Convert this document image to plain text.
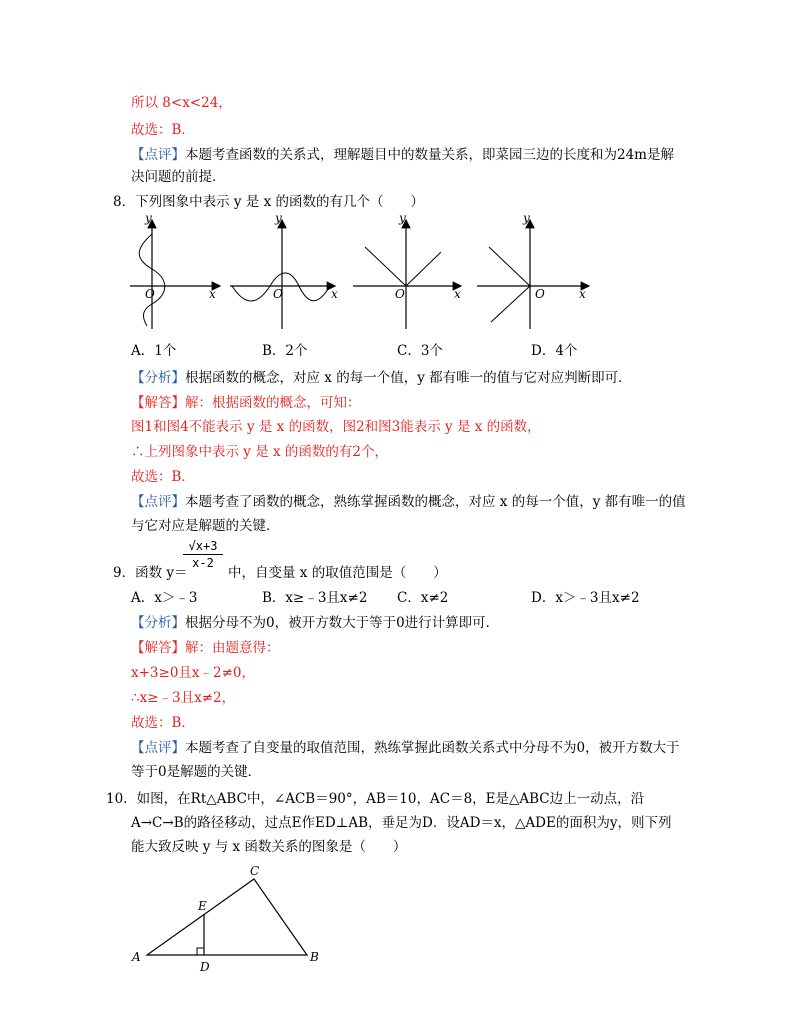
所以 8<x<24，
故选：B．
【点评】本题考查函数的关系式，理解题目中的数量关系，即菜园三边的长度和为24m是解
决问题的前提．
8．下列图象中表示 y 是 x 的函数的有几个（　　）
y
O	x
y
O	x
y
O	x
y
O	x
A．1个	B．2个	C．3个	D．4个
【分析】根据函数的概念，对应 x 的每一个值，y 都有唯一的值与它对应判断即可．
【解答】解：根据函数的概念，可知：
图1和图4不能表示 y 是 x 的函数，图2和图3能表示 y 是 x 的函数，
∴上列图象中表示 y 是 x 的函数的有2个，
故选：B．
【点评】本题考查了函数的概念，熟练掌握函数的概念，对应 x 的每一个值，y 都有唯一的值
与它对应是解题的关键．
9．函数 y＝
$\frac{√x+3}{x-2}$
中，自变量 x 的取值范围是（　　）
A．x＞﹣3	B．x≥﹣3且x≠2 C．x≠2	D．x＞﹣3且x≠2
【分析】根据分母不为0，被开方数大于等于0进行计算即可．
【解答】解：由题意得：
x+3≥0且x﹣2≠0，
∴x≥﹣3且x≠2，
故选：B．
【点评】本题考查了自变量的取值范围，熟练掌握此函数关系式中分母不为0，被开方数大于
等于0是解题的关键．
10．如图，在Rt△ABC中，∠ACB＝90°，AB＝10，AC＝8，E是△ABC边上一动点，沿
A→C→B的路径移动，过点E作ED⊥AB，垂足为D．设AD＝x，△ADE的面积为y，则下列
能大致反映 y 与 x 函数关系的图象是（　　）
A	B
C
D
E
